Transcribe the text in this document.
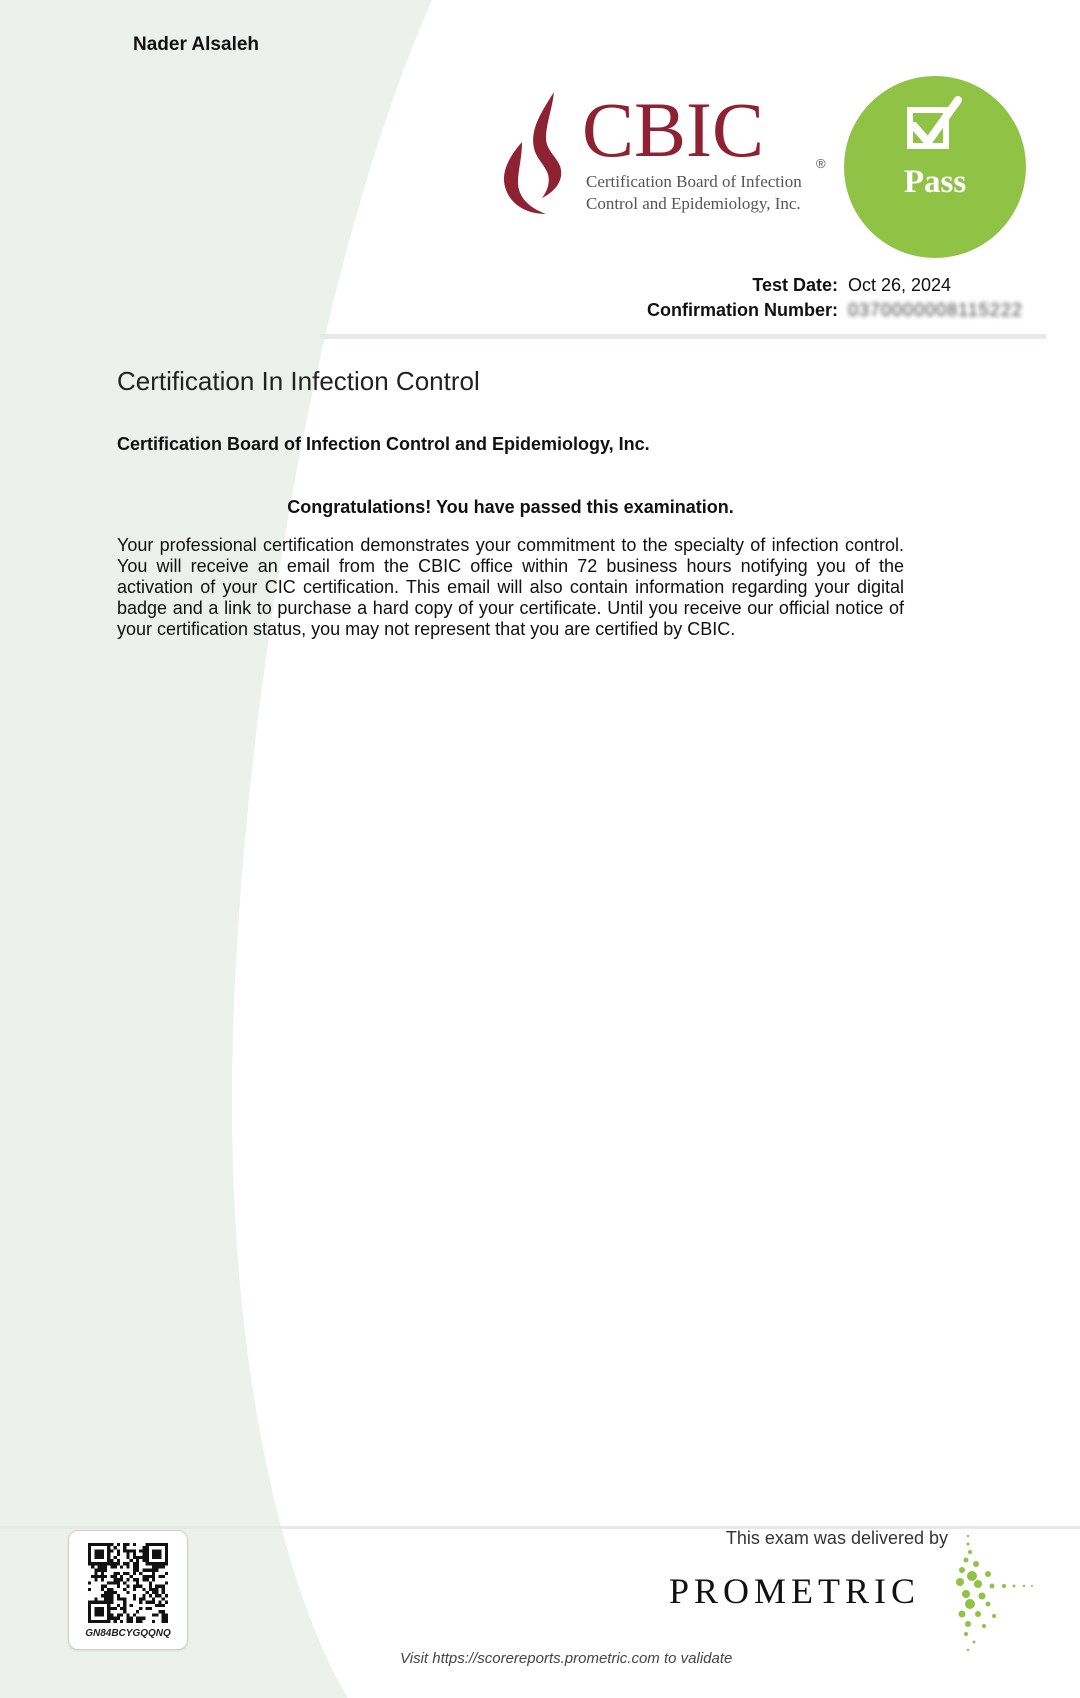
Nader Alsaleh
CBIC	®
Certification Board of Infection
Control and Epidemiology, Inc.
Pass
Test Date: Oct 26, 2024
Confirmation Number: 0370000008115222
Certification In Infection Control
Certification Board of Infection Control and Epidemiology, Inc.
Congratulations! You have passed this examination.

Your professional certification demonstrates your commitment to the specialty of infection control. You will receive an email from the CBIC office within 72 business hours notifying you of the activation of your CIC certification. This email will also contain information regarding your digital badge and a link to purchase a hard copy of your certificate. Until you receive our official notice of your certification status, you may not represent that you are certified by CBIC.

GN84BCYGQQNQ
This exam was delivered by
PROMETRIC
Visit https://scorereports.prometric.com to validate
